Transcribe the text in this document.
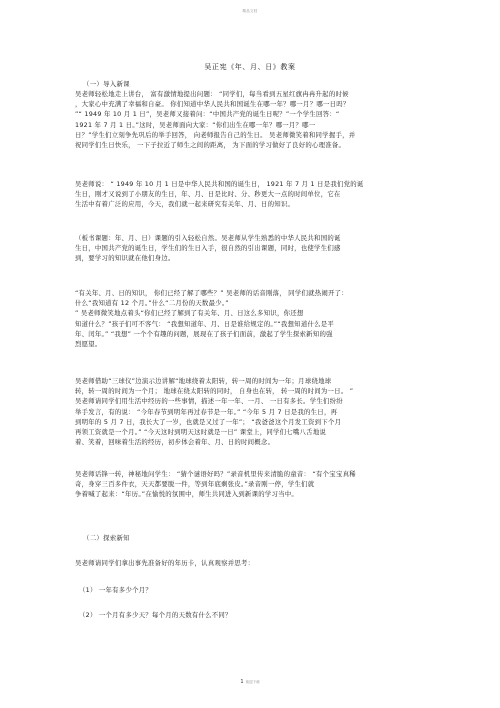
精品文档
吴正宪《年、月、日》教案
（一）导入新课

吴老师轻松地走上讲台， 富有激情地提出问题： “同学们，每当看到五星红旗冉冉升起的时候

，大家心中充满了幸福和自豪。 你们知道中华人民共和国诞生在哪一年？哪一月？哪一日吗？

”“ 1949 年 10 月 1 日”，吴老师又接着问：“中国共产党的诞生日呢？”一个学生回答：“

1921 年 7 月 1 日。”这时，吴老师面向大家：“你们出生在哪一年？哪一月？哪一

日？”学生们立刻争先巩后的举手回答， 向老师报告自己的生日。 吴老师微笑着和同学握手，并

祝同学们生日快乐， 一下子拉近了师生之间的距离， 为下面的学习做好了良好的心理准备。

吴老师说： “ 1949 年 10 月 1 日是中华人民共和国的诞生日， 1921 年 7 月 1 日是我们党的诞

生日，刚才又说到了小朋友的生日，年、月、日是比时、分、秒更大一点的时间单位，它在

生活中有着广泛的应用，今天，我们就一起来研究有关年、月、日的知识。

（板书课题：年、月、日）课题的引入轻松自然。吴老师从学生熟悉的中华人民共和国的诞

生日，中国共产党的诞生日，学生们的生日入手，很自然的引出课题，同时，也使学生们感

到，要学习的知识就在他们身边。

“有关年、月、日的知识， 你们已经了解了哪些？” 吴老师的话音刚落， 同学们就热闹开了：

什么“我知道有 12 个月。”什么“二月份的天数最少。”

” 吴老师微笑地点着头“你们已经了解到了有关年、月、日这么多知识，你还想

知道什么？”孩子们可不客气： “我想知道年、月、日是谁给规定的。”“我想知道什么是平

年、闰年。” “我想” 一个个有趣的问题，展现在了孩子们面前，激起了学生探索新知的强

烈愿望。

吴老师借助“三球仪”边演示边讲解“地球绕着太阳转，转一周的时间为一年；月球绕地球

转，转一周的时间为一个月； 地球在绕太阳转的同时， 自身也在转， 转一周的时间为一日。 ”

吴老师请同学们用生活中经历的一些事情，描述一年一年、一月、 一日有多长。学生们纷纷

举手发言，有的说： “今年春节到明年再过春节是一年。” “今年 5 月 7 日是我的生日，再

到明年的 5 月 7 日，我长大了一岁，也就是又过了一年”； “我爸爸这个月发工资到下个月

再领工资就是一个月。” “今天这时到明天这时就是一日” 课堂上，同学们七嘴八舌地说

着、笑着，回味着生活的经历，初步体会着年、月、日的时间概念。

吴老师话锋一转，神秘地问学生： “猜个谜语好吗？”录音机里传来清脆的童音： “有个宝宝真稀

奇，身穿三百多件衣，天天都要脱一件，等到年底剩张皮。”录音刚一停，学生们就

争着喊了起来：“年历。”在愉悦的氛围中，师生共同进入到新课的学习当中。

（二）探索新知

吴老师请同学们拿出事先准备好的年历卡，认真观察并思考：

（1） 一年有多少个月？

（2） 一个月有多少天？每个月的天数有什么不同？

1 欢迎下载
